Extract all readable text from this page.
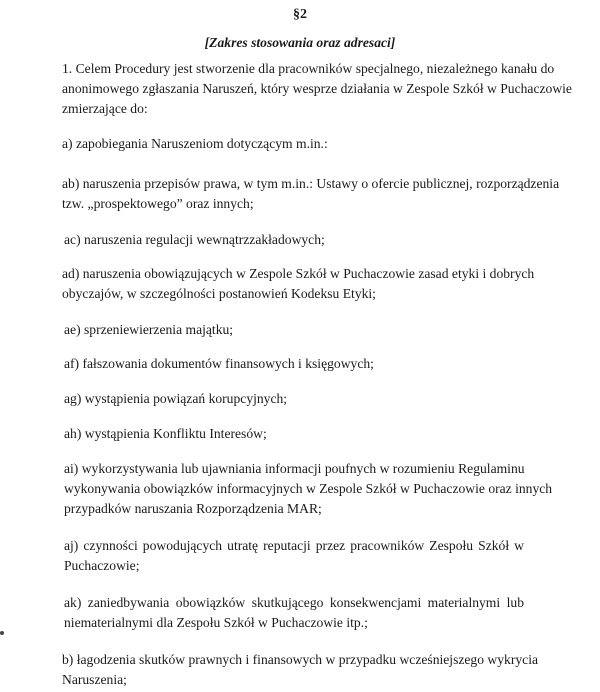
§2
[Zakres stosowania oraz adresaci]
1. Celem Procedury jest stworzenie dla pracowników specjalnego, niezależnego kanału do
anonimowego zgłaszania Naruszeń, który wesprze działania w Zespole Szkół w Puchaczowie
zmierzające do:
a) zapobiegania Naruszeniom dotyczącym m.in.:
ab) naruszenia przepisów prawa, w tym m.in.: Ustawy o ofercie publicznej, rozporządzenia
tzw. „prospektowego” oraz innych;
ac) naruszenia regulacji wewnątrzzakładowych;
ad) naruszenia obowiązujących w Zespole Szkół w Puchaczowie zasad etyki i dobrych
obyczajów, w szczególności postanowień Kodeksu Etyki;
ae) sprzeniewierzenia majątku;
af) fałszowania dokumentów finansowych i księgowych;
ag) wystąpienia powiązań korupcyjnych;
ah) wystąpienia Konfliktu Interesów;
ai) wykorzystywania lub ujawniania informacji poufnych w rozumieniu Regulaminu
wykonywania obowiązków informacyjnych w Zespole Szkół w Puchaczowie oraz innych
przypadków naruszania Rozporządzenia MAR;
aj) czynności powodujących utratę reputacji przez pracowników Zespołu Szkół w
Puchaczowie;
ak) zaniedbywania obowiązków skutkującego konsekwencjami materialnymi lub
niematerialnymi dla Zespołu Szkół w Puchaczowie itp.;
b) łagodzenia skutków prawnych i finansowych w przypadku wcześniejszego wykrycia
Naruszenia;
